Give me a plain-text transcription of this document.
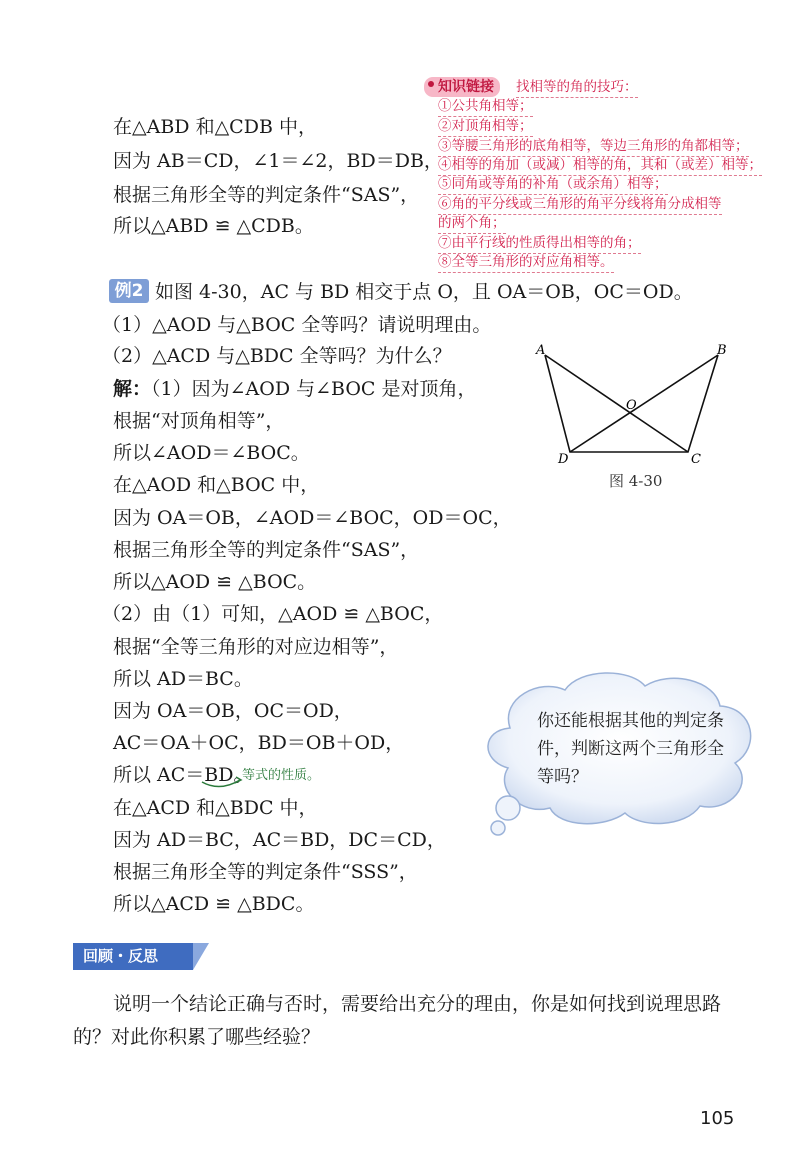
知识链接	找相等的角的技巧：
①公共角相等；
②对顶角相等；
③等腰三角形的底角相等，等边三角形的角都相等；
④相等的角加（或减）相等的角，其和（或差）相等；
⑤同角或等角的补角（或余角）相等；
⑥角的平分线或三角形的角平分线将角分成相等
的两个角；
⑦由平行线的性质得出相等的角；
⑧全等三角形的对应角相等。
在△ABD 和△CDB 中，
因为 AB＝CD，∠1＝∠2，BD＝DB，
根据三角形全等的判定条件“SAS”，
所以△ABD ≌ △CDB。
例2 如图 4-30，AC 与 BD 相交于点 O，且 OA＝OB，OC＝OD。
（1）△AOD 与△BOC 全等吗？请说明理由。
（2）△ACD 与△BDC 全等吗？为什么？
解：（1）因为∠AOD 与∠BOC 是对顶角，
根据“对顶角相等”，
所以∠AOD＝∠BOC。
在△AOD 和△BOC 中，
因为 OA＝OB，∠AOD＝∠BOC，OD＝OC，
根据三角形全等的判定条件“SAS”，
所以△AOD ≌ △BOC。
（2）由（1）可知，△AOD ≌ △BOC，
根据“全等三角形的对应边相等”，
所以 AD＝BC。
因为 OA＝OB，OC＝OD，
AC＝OA＋OC，BD＝OB＋OD，
所以 AC＝BD。
在△ACD 和△BDC 中，
因为 AD＝BC，AC＝BD，DC＝CD，
根据三角形全等的判定条件“SSS”，
所以△ACD ≌ △BDC。
等式的性质。
A	B
O
D	C
图 4-30
你还能根据其他的判定条件，判断这两个三角形全等吗？
回顾・反思
说明一个结论正确与否时，需要给出充分的理由，你是如何找到说理思路
的？对此你积累了哪些经验？
105
